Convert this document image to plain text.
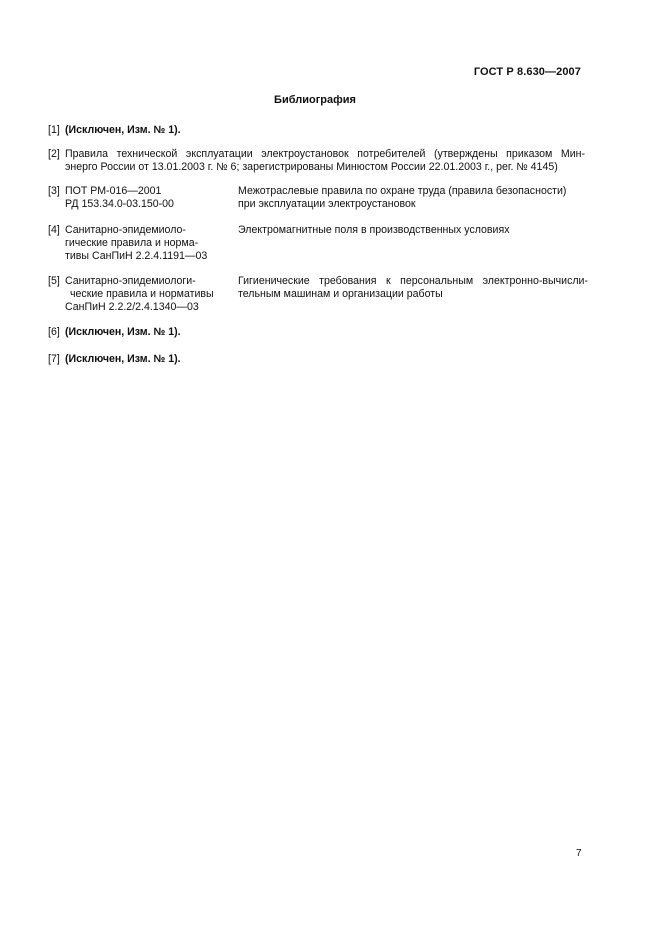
ГОСТ Р 8.630—2007
Библиография
[1] (Исключен, Изм. № 1).
[2] Правила технической эксплуатации электроустановок потребителей (утверждены приказом Мин-
энерго России от 13.01.2003 г. № 6; зарегистрированы Минюстом России 22.01.2003 г., рег. № 4145)
[3] ПОТ РМ-016—2001
РД 153.34.0-03.150-00
Межотраслевые правила по охране труда (правила безопасности)
при эксплуатации электроустановок
[4] Санитарно-эпидемиоло-
гические правила и норма-
тивы СанПиН 2.2.4.1191—03
Электромагнитные поля в производственных условиях
[5] Санитарно-эпидемиологи-
ческие правила и нормативы
СанПиН 2.2.2/2.4.1340—03
Гигиенические требования к персональным электронно-вычисли-
тельным машинам и организации работы
[6] (Исключен, Изм. № 1).
[7] (Исключен, Изм. № 1).
7
